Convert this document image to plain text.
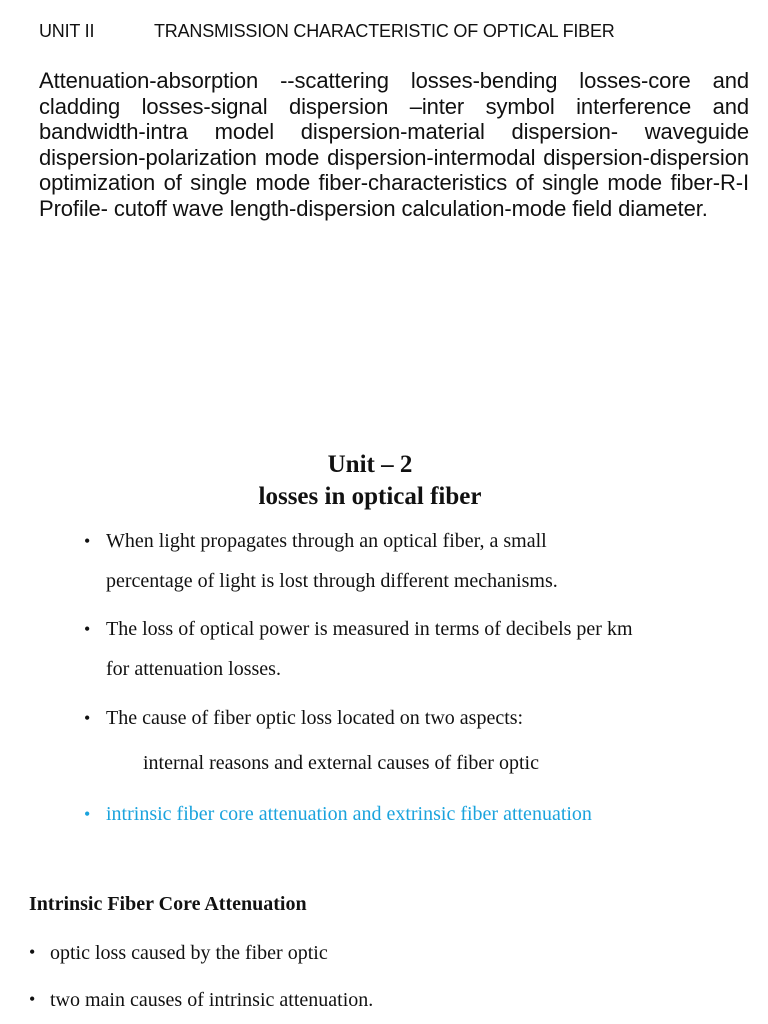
UNIT II	TRANSMISSION CHARACTERISTIC OF OPTICAL FIBER
Attenuation-absorption --scattering losses-bending losses-core and cladding losses-signal dispersion –inter symbol interference and bandwidth-intra model dispersion-material dispersion- waveguide dispersion-polarization mode dispersion-intermodal dispersion-dispersion optimization of single mode fiber-characteristics of single mode fiber-R-I Profile- cutoff wave length-dispersion calculation-mode field diameter.
Unit – 2
losses in optical fiber
• When light propagates through an optical fiber, a small
percentage of light is lost through different mechanisms.
• The loss of optical power is measured in terms of decibels per km
for attenuation losses.
• The cause of fiber optic loss located on two aspects:
internal reasons and external causes of fiber optic
• intrinsic fiber core attenuation and extrinsic fiber attenuation
Intrinsic Fiber Core Attenuation
• optic loss caused by the fiber optic
• two main causes of intrinsic attenuation.
